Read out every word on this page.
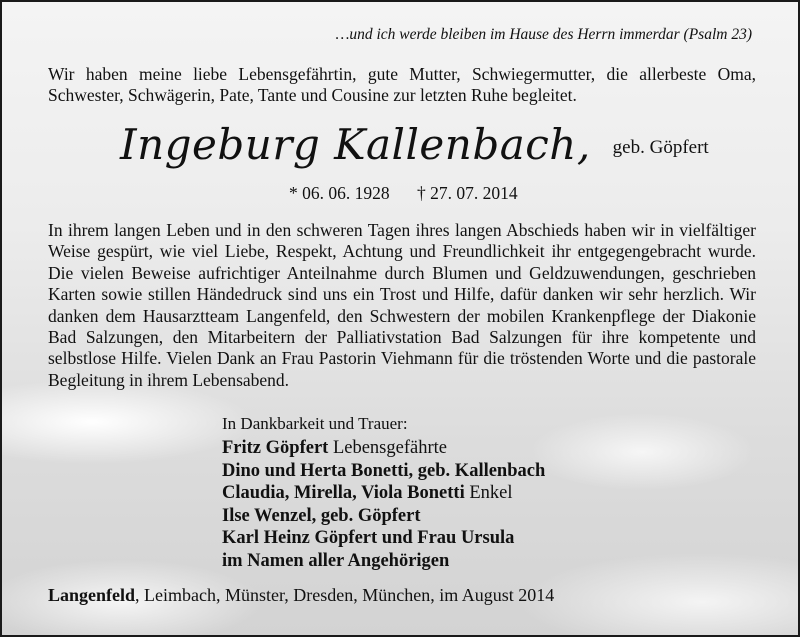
…und ich werde bleiben im Hause des Herrn immerdar (Psalm 23)
Wir haben meine liebe Lebensgefährtin, gute Mutter, Schwiegermutter, die allerbeste Oma, Schwester, Schwägerin, Pate, Tante und Cousine zur letzten Ruhe begleitet.
Ingeburg Kallenbach, geb. Göpfert
* 06. 06. 1928 † 27. 07. 2014
In ihrem langen Leben und in den schweren Tagen ihres langen Abschieds haben wir in vielfältiger Weise gespürt, wie viel Liebe, Respekt, Achtung und Freundlichkeit ihr entgegengebracht wurde. Die vielen Beweise aufrichtiger Anteilnahme durch Blumen und Geldzuwendungen, geschrieben Karten sowie stillen Händedruck sind uns ein Trost und Hilfe, dafür danken wir sehr herzlich. Wir danken dem Hausarztteam Langenfeld, den Schwestern der mobilen Krankenpflege der Diakonie Bad Salzungen, den Mitarbeitern der Palliativstation Bad Salzungen für ihre kompetente und selbstlose Hilfe. Vielen Dank an Frau Pastorin Viehmann für die tröstenden Worte und die pastorale Begleitung in ihrem Lebensabend.
In Dankbarkeit und Trauer:
Fritz Göpfert Lebensgefährte
Dino und Herta Bonetti, geb. Kallenbach
Claudia, Mirella, Viola Bonetti Enkel
Ilse Wenzel, geb. Göpfert
Karl Heinz Göpfert und Frau Ursula
im Namen aller Angehörigen
Langenfeld, Leimbach, Münster, Dresden, München, im August 2014
